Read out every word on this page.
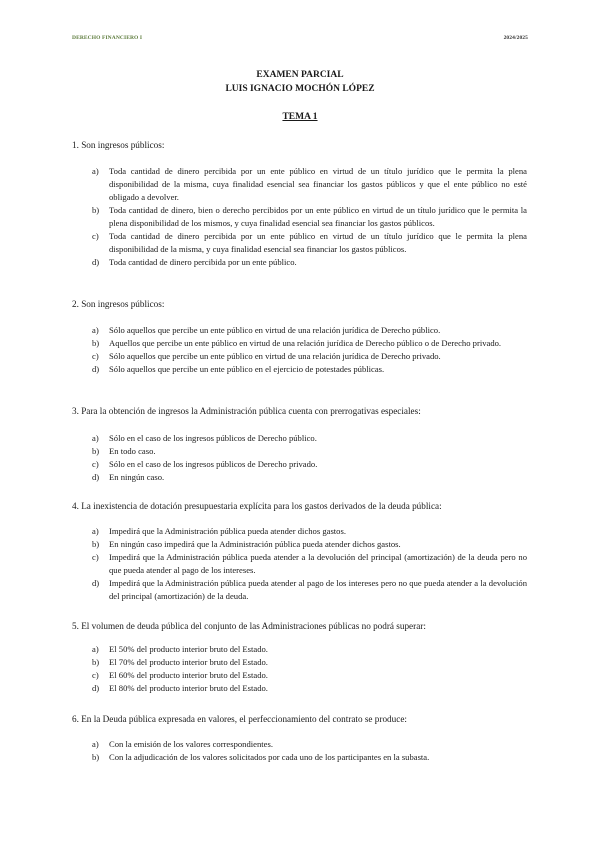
DERECHO FINANCIERO I	2024/2025
EXAMEN PARCIAL
LUIS IGNACIO MOCHÓN LÓPEZ
TEMA 1
1. Son ingresos públicos:
a) Toda cantidad de dinero percibida por un ente público en virtud de un título jurídico que le permita la plena disponibilidad de la misma, cuya finalidad esencial sea financiar los gastos públicos y que el ente público no esté obligado a devolver.
b) Toda cantidad de dinero, bien o derecho percibidos por un ente público en virtud de un título jurídico que le permita la plena disponibilidad de los mismos, y cuya finalidad esencial sea financiar los gastos públicos.
c) Toda cantidad de dinero percibida por un ente público en virtud de un título jurídico que le permita la plena disponibilidad de la misma, y cuya finalidad esencial sea financiar los gastos públicos.
d) Toda cantidad de dinero percibida por un ente público.
2. Son ingresos públicos:
a) Sólo aquellos que percibe un ente público en virtud de una relación jurídica de Derecho público.
b) Aquellos que percibe un ente público en virtud de una relación jurídica de Derecho público o de Derecho privado.
c) Sólo aquellos que percibe un ente público en virtud de una relación jurídica de Derecho privado.
d) Sólo aquellos que percibe un ente público en el ejercicio de potestades públicas.
3. Para la obtención de ingresos la Administración pública cuenta con prerrogativas especiales:
a) Sólo en el caso de los ingresos públicos de Derecho público.
b) En todo caso.
c) Sólo en el caso de los ingresos públicos de Derecho privado.
d) En ningún caso.
4. La inexistencia de dotación presupuestaria explícita para los gastos derivados de la deuda pública:
a) Impedirá que la Administración pública pueda atender dichos gastos.
b) En ningún caso impedirá que la Administración pública pueda atender dichos gastos.
c) Impedirá que la Administración pública pueda atender a la devolución del principal (amortización) de la deuda pero no que pueda atender al pago de los intereses.
d) Impedirá que la Administración pública pueda atender al pago de los intereses pero no que pueda atender a la devolución del principal (amortización) de la deuda.
5. El volumen de deuda pública del conjunto de las Administraciones públicas no podrá superar:
a) El 50% del producto interior bruto del Estado.
b) El 70% del producto interior bruto del Estado.
c) El 60% del producto interior bruto del Estado.
d) El 80% del producto interior bruto del Estado.
6. En la Deuda pública expresada en valores, el perfeccionamiento del contrato se produce:
a) Con la emisión de los valores correspondientes.
b) Con la adjudicación de los valores solicitados por cada uno de los participantes en la subasta.
